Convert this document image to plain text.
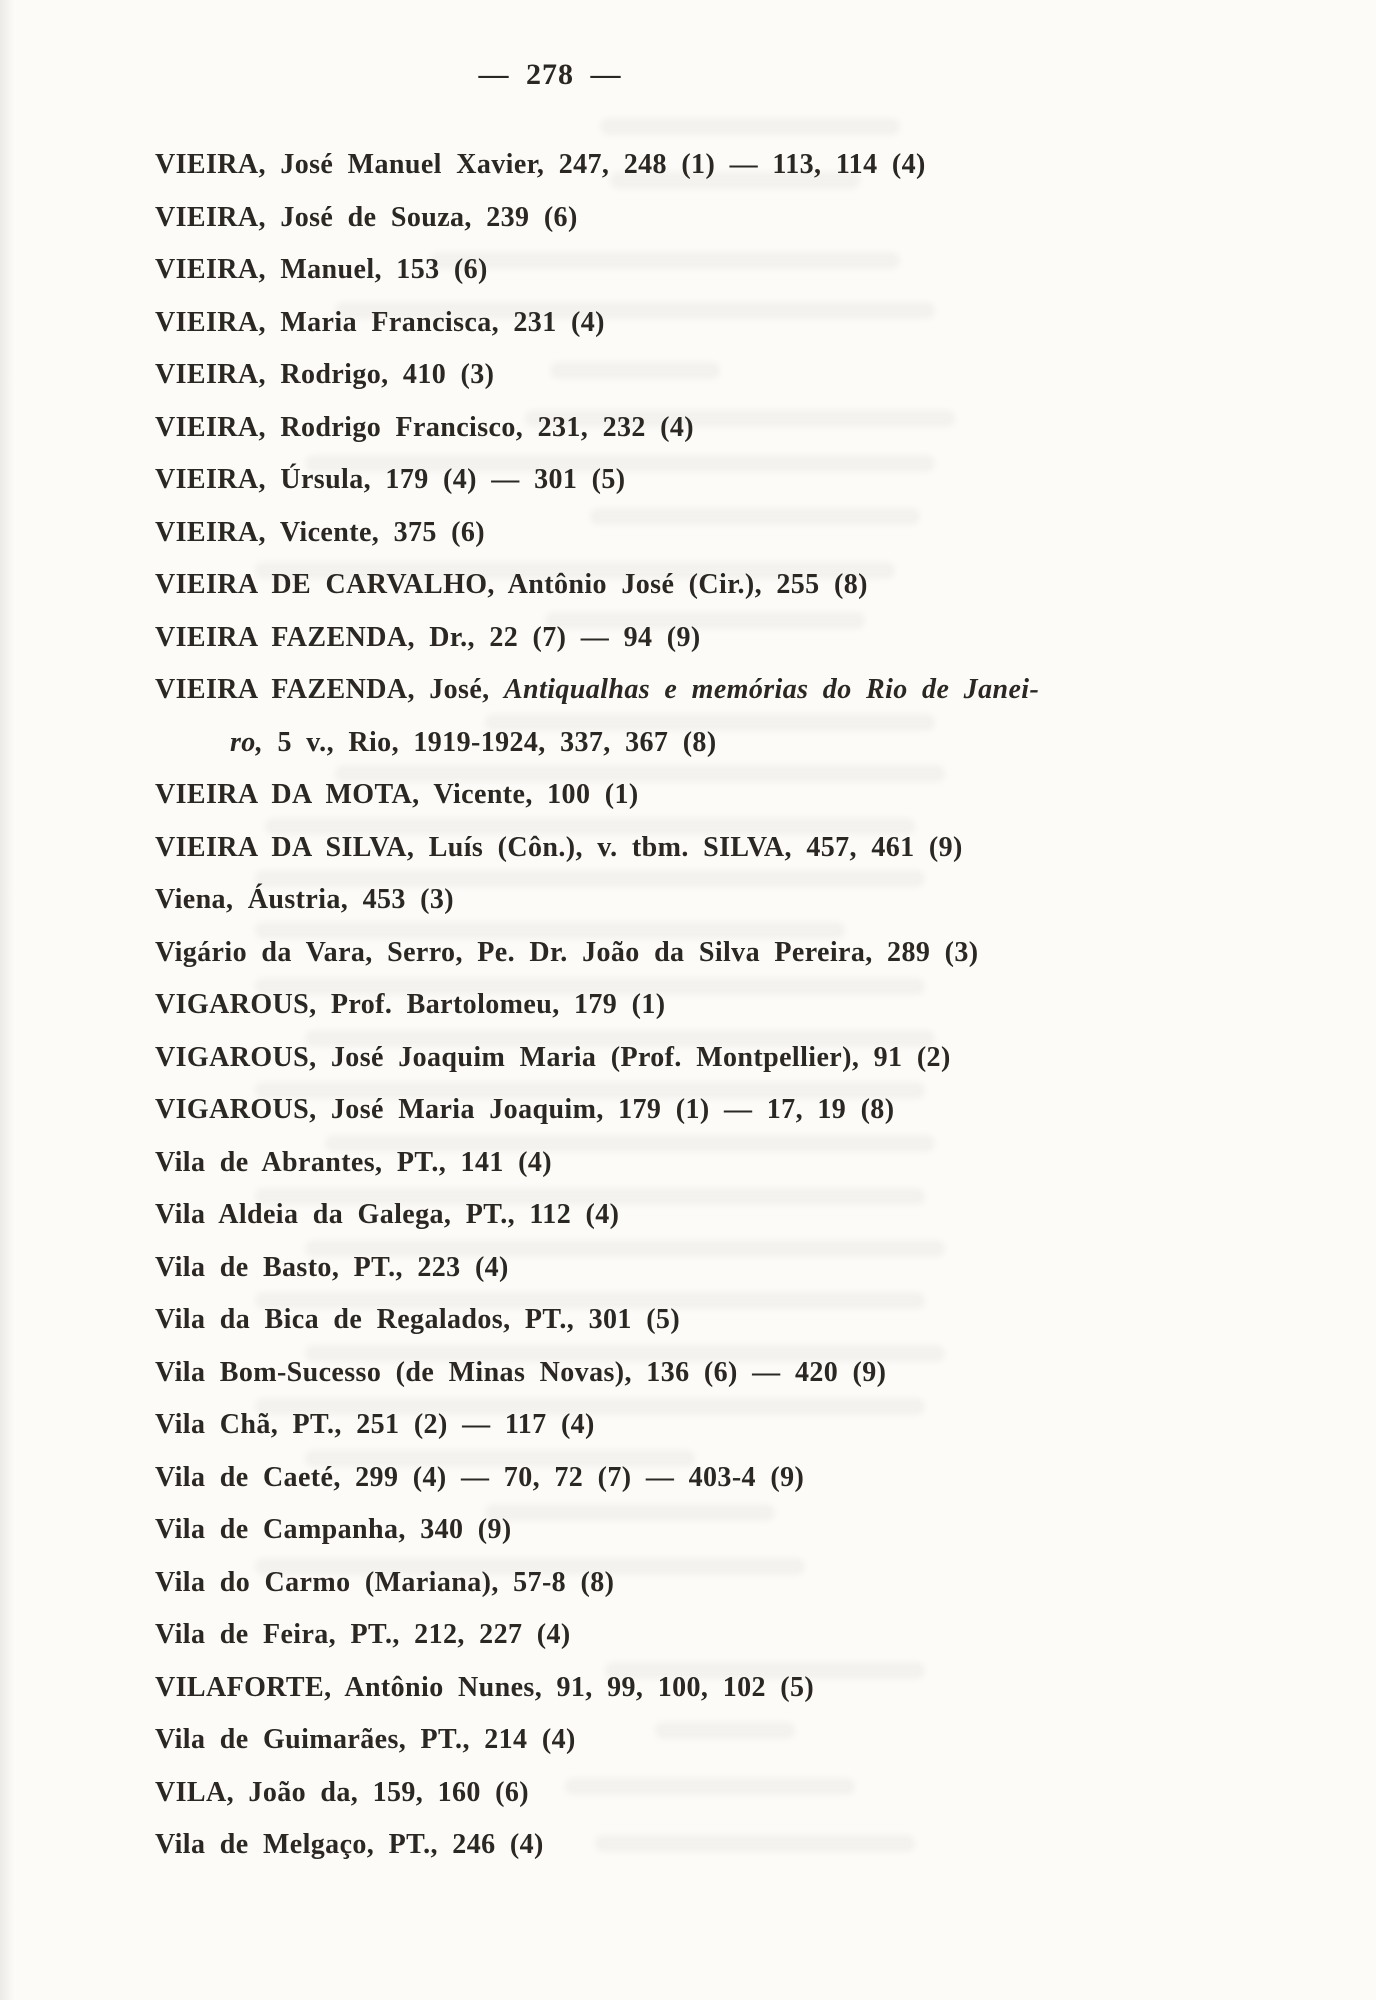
— 278 —
VIEIRA, José Manuel Xavier, 247, 248 (1) — 113, 114 (4)
VIEIRA, José de Souza, 239 (6)
VIEIRA, Manuel, 153 (6)
VIEIRA, Maria Francisca, 231 (4)
VIEIRA, Rodrigo, 410 (3)
VIEIRA, Rodrigo Francisco, 231, 232 (4)
VIEIRA, Úrsula, 179 (4) — 301 (5)
VIEIRA, Vicente, 375 (6)
VIEIRA DE CARVALHO, Antônio José (Cir.), 255 (8)
VIEIRA FAZENDA, Dr., 22 (7) — 94 (9)
VIEIRA FAZENDA, José, Antiqualhas e memórias do Rio de Janei-
ro, 5 v., Rio, 1919-1924, 337, 367 (8)
VIEIRA DA MOTA, Vicente, 100 (1)
VIEIRA DA SILVA, Luís (Côn.), v. tbm. SILVA, 457, 461 (9)
Viena, Áustria, 453 (3)
Vigário da Vara, Serro, Pe. Dr. João da Silva Pereira, 289 (3)
VIGAROUS, Prof. Bartolomeu, 179 (1)
VIGAROUS, José Joaquim Maria (Prof. Montpellier), 91 (2)
VIGAROUS, José Maria Joaquim, 179 (1) — 17, 19 (8)
Vila de Abrantes, PT., 141 (4)
Vila Aldeia da Galega, PT., 112 (4)
Vila de Basto, PT., 223 (4)
Vila da Bica de Regalados, PT., 301 (5)
Vila Bom-Sucesso (de Minas Novas), 136 (6) — 420 (9)
Vila Chã, PT., 251 (2) — 117 (4)
Vila de Caeté, 299 (4) — 70, 72 (7) — 403-4 (9)
Vila de Campanha, 340 (9)
Vila do Carmo (Mariana), 57-8 (8)
Vila de Feira, PT., 212, 227 (4)
VILAFORTE, Antônio Nunes, 91, 99, 100, 102 (5)
Vila de Guimarães, PT., 214 (4)
VILA, João da, 159, 160 (6)
Vila de Melgaço, PT., 246 (4)
